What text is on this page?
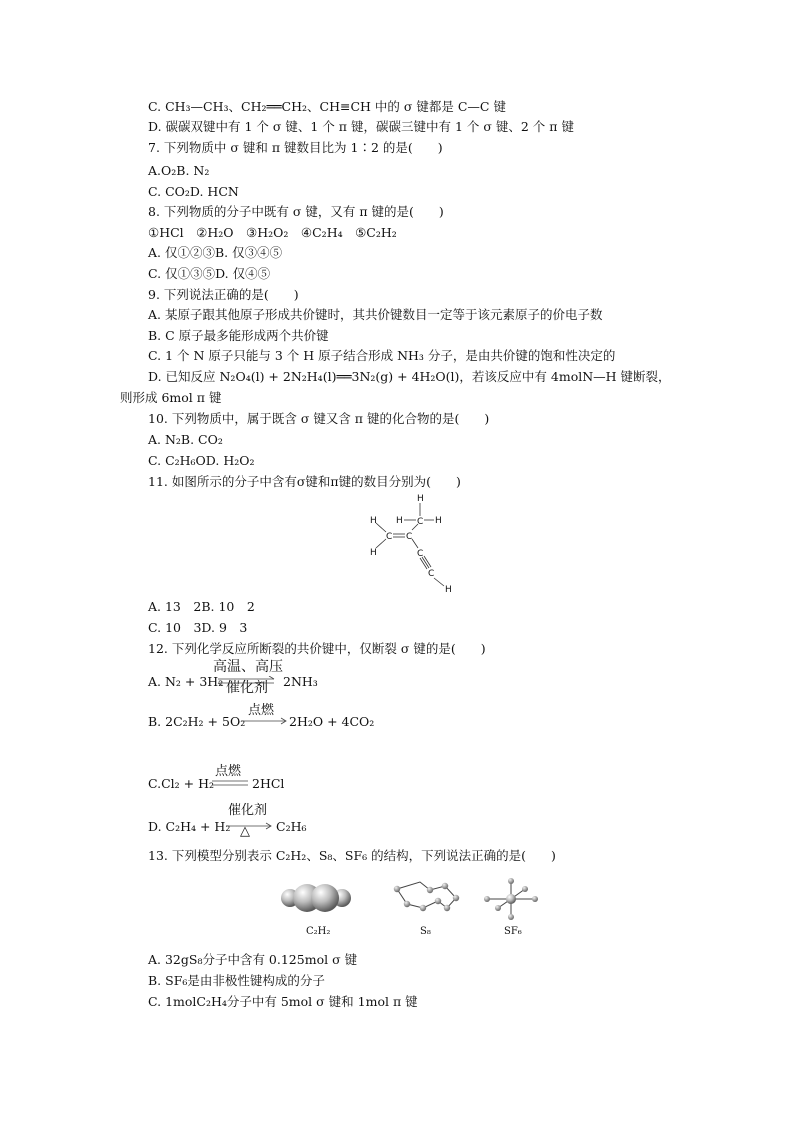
C. CH₃—CH₃、CH₂══CH₂、CH≡CH 中的 σ 键都是 C—C 键
D. 碳碳双键中有 1 个 σ 键、1 个 π 键，碳碳三键中有 1 个 σ 键、2 个 π 键
7. 下列物质中 σ 键和 π 键数目比为 1∶2 的是(　　)
A.O₂B. N₂
C. CO₂D. HCN
8. 下列物质的分子中既有 σ 键，又有 π 键的是(　　)
①HCl　②H₂O　③H₂O₂　④C₂H₄　⑤C₂H₂
A. 仅①②③B. 仅③④⑤
C. 仅①③⑤D. 仅④⑤
9. 下列说法正确的是(　　)
A. 某原子跟其他原子形成共价键时，其共价键数目一定等于该元素原子的价电子数
B. C 原子最多能形成两个共价键
C. 1 个 N 原子只能与 3 个 H 原子结合形成 NH₃ 分子，是由共价键的饱和性决定的
D. 已知反应 N₂O₄(l) + 2N₂H₄(l)══3N₂(g) + 4H₂O(l)，若该反应中有 4molN—H 键断裂，
则形成 6mol π 键
10. 下列物质中，属于既含 σ 键又含 π 键的化合物的是(　　)
A. N₂B. CO₂
C. C₂H₆OD. H₂O₂
11. 如图所示的分子中含有σ键和π键的数目分别为(　　)
H
C
H	H
H
H
C C
C
C
H
A. 13　2B. 10　2
C. 10　3D. 9　3
12. 下列化学反应所断裂的共价键中，仅断裂 σ 键的是(　　)
A. N₂ + 3H₂
高温、高压
催化剂 2NH₃
B. 2C₂H₂ + 5O₂
点燃
2H₂O + 4CO₂
C.Cl₂ + H₂
点燃
2HCl
D. C₂H₄ + H₂
催化剂
△ C₂H₆
13. 下列模型分别表示 C₂H₂、S₈、SF₆ 的结构，下列说法正确的是(　　)
C₂H₂	S₈	SF₆
A. 32gS₈分子中含有 0.125mol σ 键
B. SF₆是由非极性键构成的分子
C. 1molC₂H₄分子中有 5mol σ 键和 1mol π 键
